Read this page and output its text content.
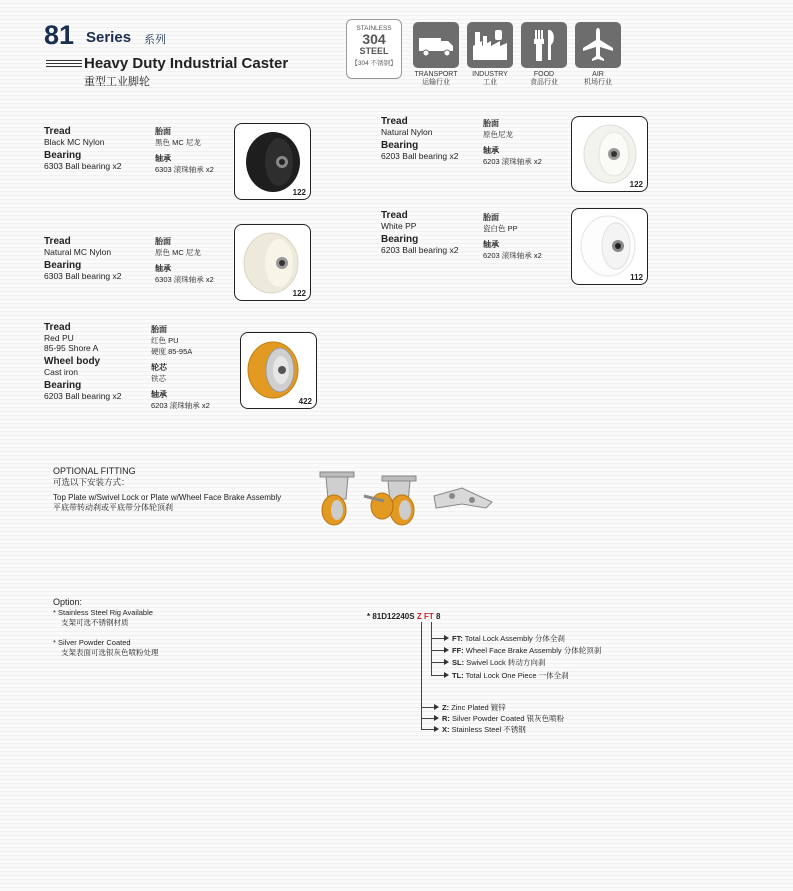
81 Series 系列
Heavy Duty Industrial Caster
重型工业脚轮
STAINLESS
304
STEEL
【304 不锈钢】
TRANSPORT
运输行业
INDUSTRY
工业
FOOD
食品行业
AIR
机场行业
Tread
Black MC Nylon
Bearing
6303 Ball bearing x2
胎面
黑色 MC 尼龙
轴承
6303 滚珠轴承 x2
122
Tread
Natural MC Nylon
Bearing
6303 Ball bearing x2
胎面
原色 MC 尼龙
轴承
6303 滚珠轴承 x2
122
Tread
Red PU
85-95 Shore A
Wheel body
Cast iron
Bearing
6203 Ball bearing x2
胎面
红色 PU
硬度 85-95A
轮芯
铁芯
轴承
6203 滚珠轴承 x2	422
Tread
Natural Nylon
Bearing
6203 Ball bearing x2
胎面
原色尼龙
轴承
6203 滚珠轴承 x2
122
Tread
White PP
Bearing
6203 Ball bearing x2
胎面
瓷白色 PP
轴承
6203 滚珠轴承 x2
112
OPTIONAL FITTING
可选以下安装方式：
Top Plate w/Swivel Lock or Plate w/Wheel Face Brake Assembly
平底带转动刹或平底带分体轮顶刹
Option:
* Stainless Steel Rig Available
支架可选不锈钢材质
* Silver Powder Coated
支架表面可选银灰色喷粉处理
* 81D12240S Z FT 8
FT: Total Lock Assembly 分体全刹
FF: Wheel Face Brake Assembly 分体轮顶刹
SL: Swivel Lock 转动方向刹
TL: Total Lock One Piece 一体全刹
Z: Zinc Plated 镀锌
R: Silver Powder Coated 银灰色喷粉
X: Stainless Steel 不锈钢
